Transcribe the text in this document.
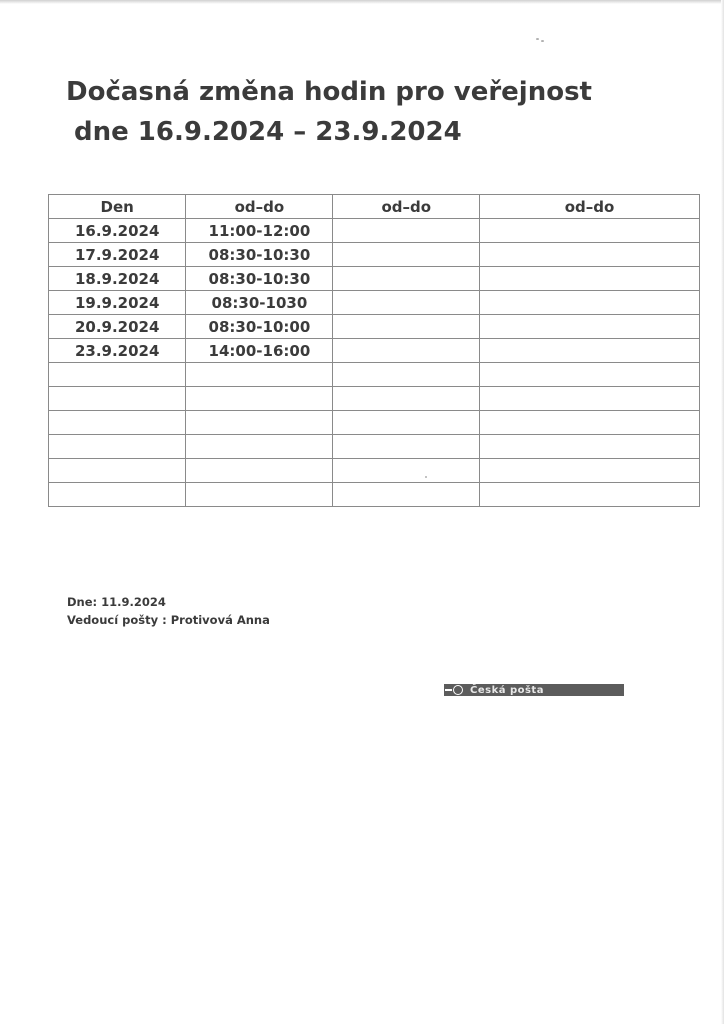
Dočasná změna hodin pro veřejnost
dne 16.9.2024 – 23.9.2024
Den	od–do	od–do	od–do
16.9.2024	11:00-12:00		
17.9.2024	08:30-10:30		
18.9.2024	08:30-10:30		
19.9.2024	08:30-1030		
20.9.2024	08:30-10:00		
23.9.2024	14:00-16:00		

Dne: 11.9.2024
Vedoucí pošty : Protivová Anna
Česká pošta
